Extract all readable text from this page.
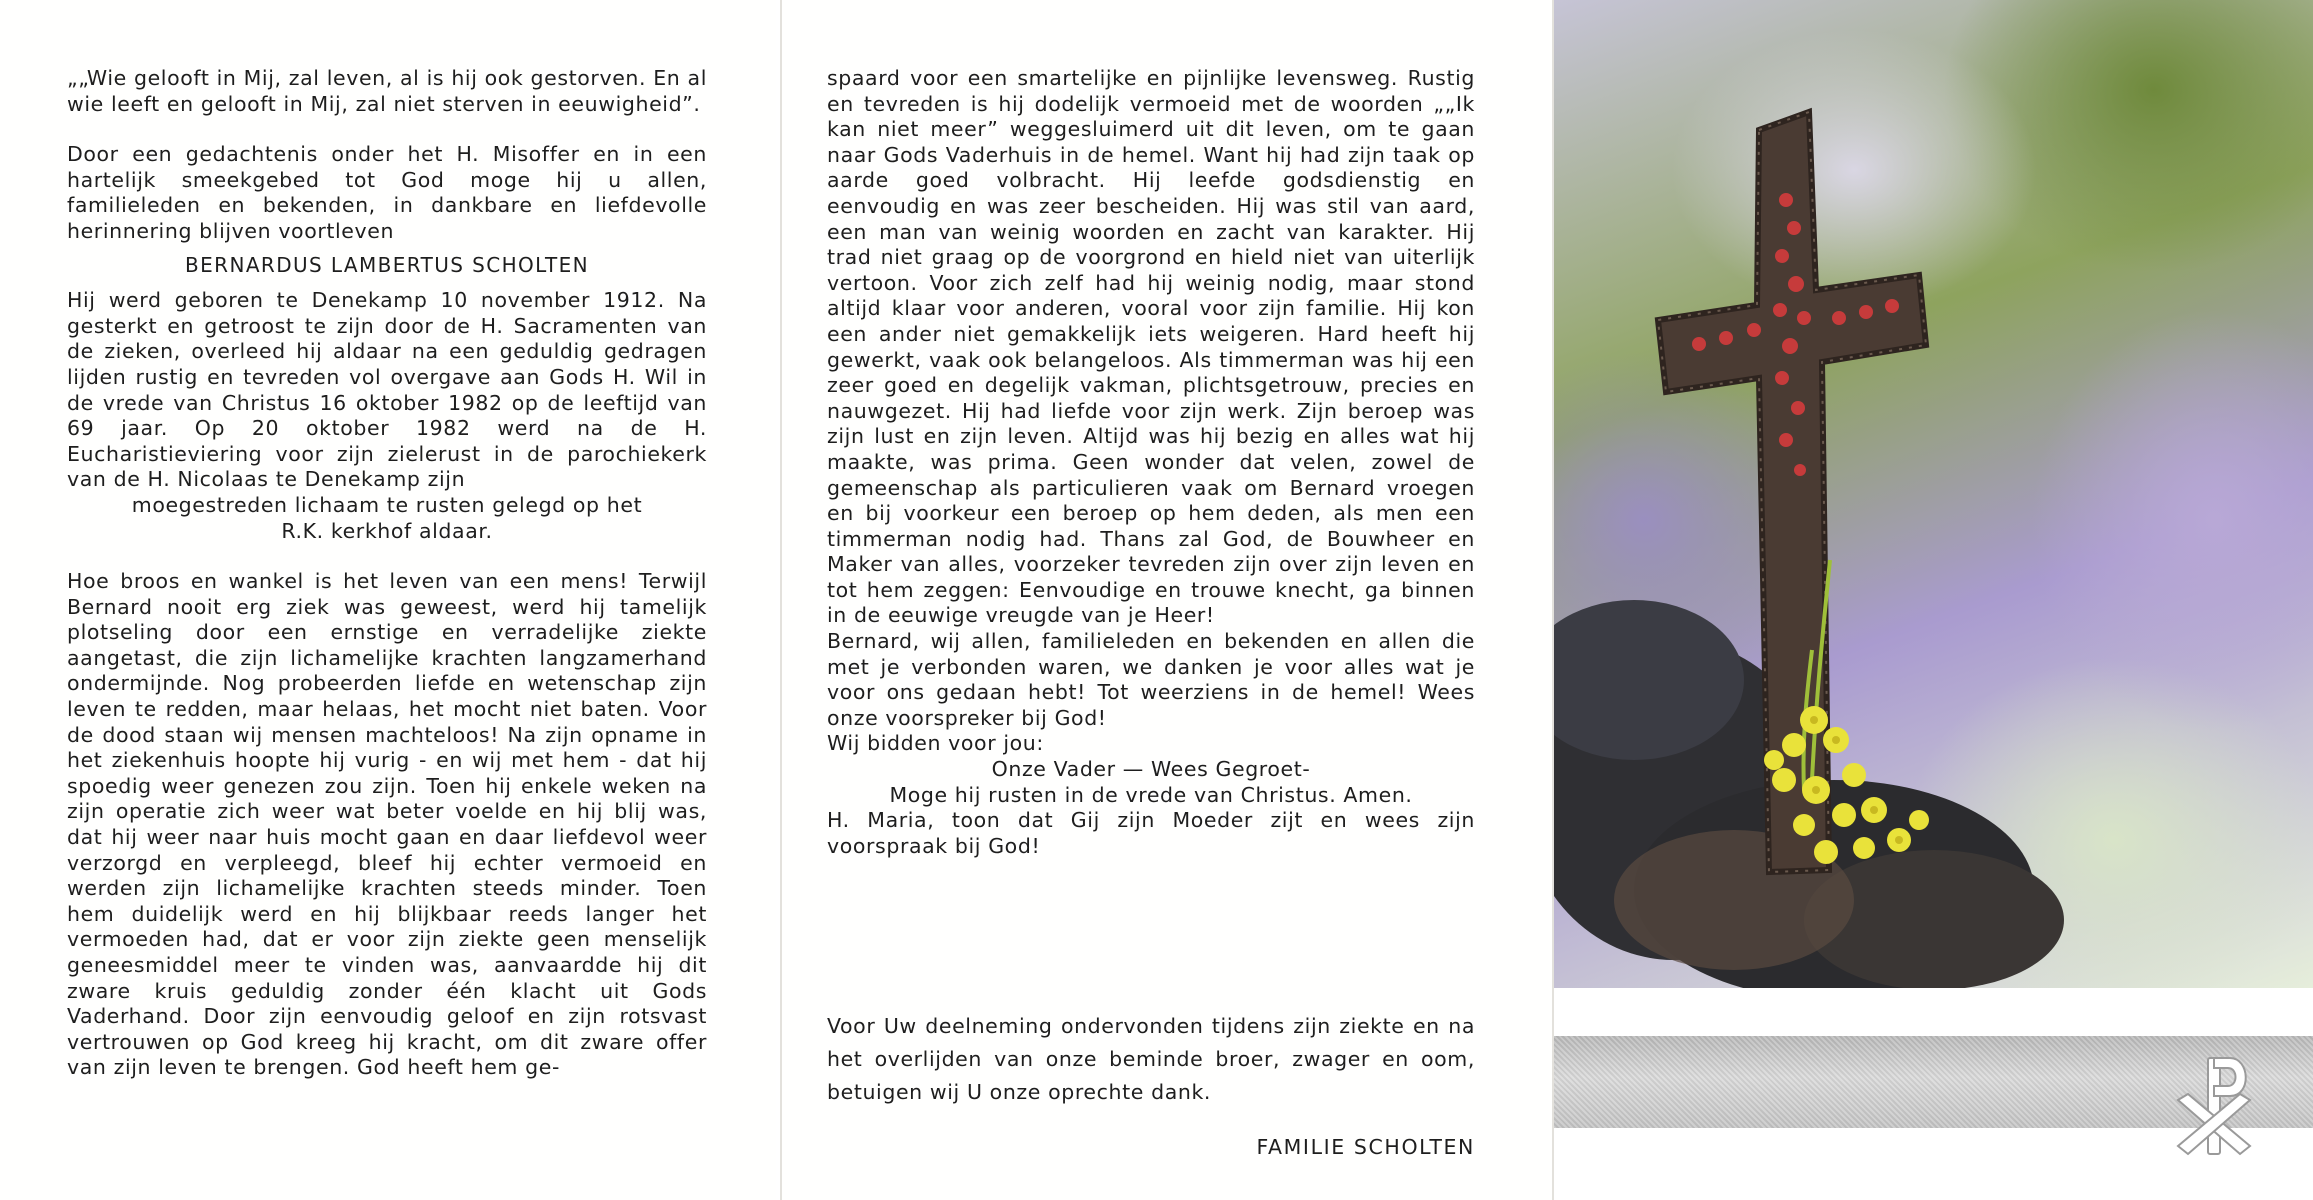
„„Wie gelooft in Mij, zal leven, al is hij ook gestorven. En al wie leeft en gelooft in Mij, zal niet sterven in eeuwigheid”.

Door een gedachtenis onder het H. Misoffer en in een hartelijk smeekgebed tot God moge hij u allen, familieleden en bekenden, in dankbare en liefdevolle herinnering blijven voortleven

BERNARDUS LAMBERTUS SCHOLTEN

Hij werd geboren te Denekamp 10 november 1912. Na gesterkt en getroost te zijn door de H. Sacramenten van de zieken, overleed hij aldaar na een geduldig gedragen lijden rustig en tevreden vol overgave aan Gods H. Wil in de vrede van Christus 16 oktober 1982 op de leeftijd van 69 jaar. Op 20 oktober 1982 werd na de H. Eucharistieviering voor zijn zielerust in de parochiekerk van de H. Nicolaas te Denekamp zijn

moegestreden lichaam te rusten gelegd op het

R.K. kerkhof aldaar.

Hoe broos en wankel is het leven van een mens! Terwijl Bernard nooit erg ziek was geweest, werd hij tamelijk plotseling door een ernstige en verradelijke ziekte aangetast, die zijn lichamelijke krachten langzamerhand ondermijnde. Nog probeerden liefde en wetenschap zijn leven te redden, maar helaas, het mocht niet baten. Voor de dood staan wij mensen machteloos! Na zijn opname in het ziekenhuis hoopte hij vurig - en wij met hem - dat hij spoedig weer genezen zou zijn. Toen hij enkele weken na zijn operatie zich weer wat beter voelde en hij blij was, dat hij weer naar huis mocht gaan en daar liefdevol weer verzorgd en verpleegd, bleef hij echter vermoeid en werden zijn lichamelijke krachten steeds minder. Toen hem duidelijk werd en hij blijkbaar reeds langer het vermoeden had, dat er voor zijn ziekte geen menselijk geneesmiddel meer te vinden was, aanvaardde hij dit zware kruis geduldig zonder één klacht uit Gods Vaderhand. Door zijn eenvoudig geloof en zijn rotsvast vertrouwen op God kreeg hij kracht, om dit zware offer van zijn leven te brengen. God heeft hem ge-

spaard voor een smartelijke en pijnlijke levensweg. Rustig en tevreden is hij dodelijk vermoeid met de woorden „„Ik kan niet meer” weggesluimerd uit dit leven, om te gaan naar Gods Vaderhuis in de hemel. Want hij had zijn taak op aarde goed volbracht. Hij leefde godsdienstig en eenvoudig en was zeer bescheiden. Hij was stil van aard, een man van weinig woorden en zacht van karakter. Hij trad niet graag op de voorgrond en hield niet van uiterlijk vertoon. Voor zich zelf had hij weinig nodig, maar stond altijd klaar voor anderen, vooral voor zijn familie. Hij kon een ander niet gemakkelijk iets weigeren. Hard heeft hij gewerkt, vaak ook belangeloos. Als timmerman was hij een zeer goed en degelijk vakman, plichtsgetrouw, precies en nauwgezet. Hij had liefde voor zijn werk. Zijn beroep was zijn lust en zijn leven. Altijd was hij bezig en alles wat hij maakte, was prima. Geen wonder dat velen, zowel de gemeenschap als particulieren vaak om Bernard vroegen en bij voorkeur een beroep op hem deden, als men een timmerman nodig had. Thans zal God, de Bouwheer en Maker van alles, voorzeker tevreden zijn over zijn leven en tot hem zeggen: Eenvoudige en trouwe knecht, ga binnen in de eeuwige vreugde van je Heer!

Bernard, wij allen, familieleden en bekenden en allen die met je verbonden waren, we danken je voor alles wat je voor ons gedaan hebt! Tot weerziens in de hemel! Wees onze voorspreker bij God!

Wij bidden voor jou:

Onze Vader — Wees Gegroet-

Moge hij rusten in de vrede van Christus. Amen.

H. Maria, toon dat Gij zijn Moeder zijt en wees zijn voorspraak bij God!

Voor Uw deelneming ondervonden tijdens zijn ziekte en na het overlijden van onze beminde broer, zwager en oom, betuigen wij U onze oprechte dank.

FAMILIE SCHOLTEN
